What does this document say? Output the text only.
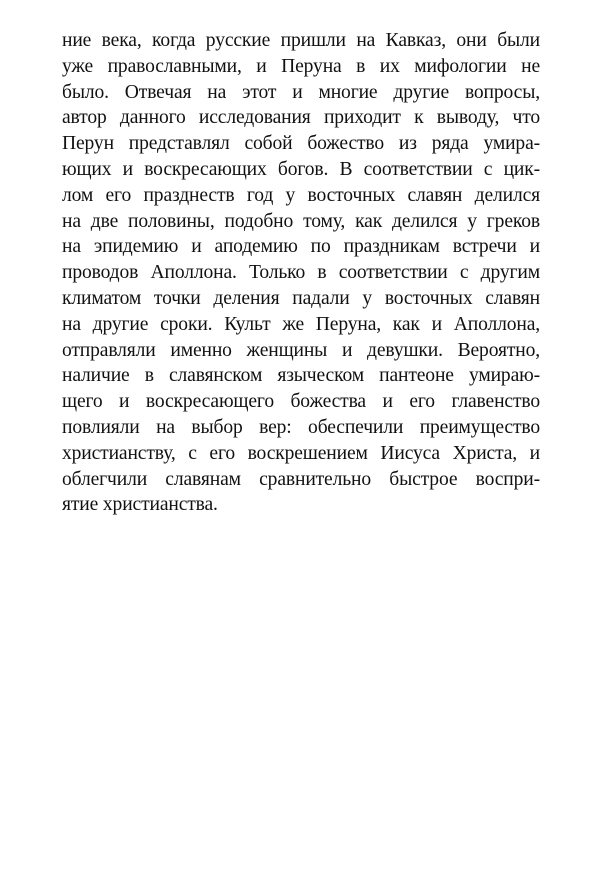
ние века, когда русские пришли на Кавказ, они были
уже православными, и Перуна в их мифологии не
было. Отвечая на этот и многие другие вопросы,
автор данного исследования приходит к выводу, что
Перун представлял собой божество из ряда умира-
ющих и воскресающих богов. В соответствии с цик-
лом его празднеств год у восточных славян делился
на две половины, подобно тому, как делился у греков
на эпидемию и аподемию по праздникам встречи и
проводов Аполлона. Только в соответствии с другим
климатом точки деления падали у восточных славян
на другие сроки. Культ же Перуна, как и Аполлона,
отправляли именно женщины и девушки. Вероятно,
наличие в славянском языческом пантеоне умираю-
щего и воскресающего божества и его главенство
повлияли на выбор вер: обеспечили преимущество
христианству, с его воскрешением Иисуса Христа, и
облегчили славянам сравнительно быстрое воспри-
ятие христианства.
